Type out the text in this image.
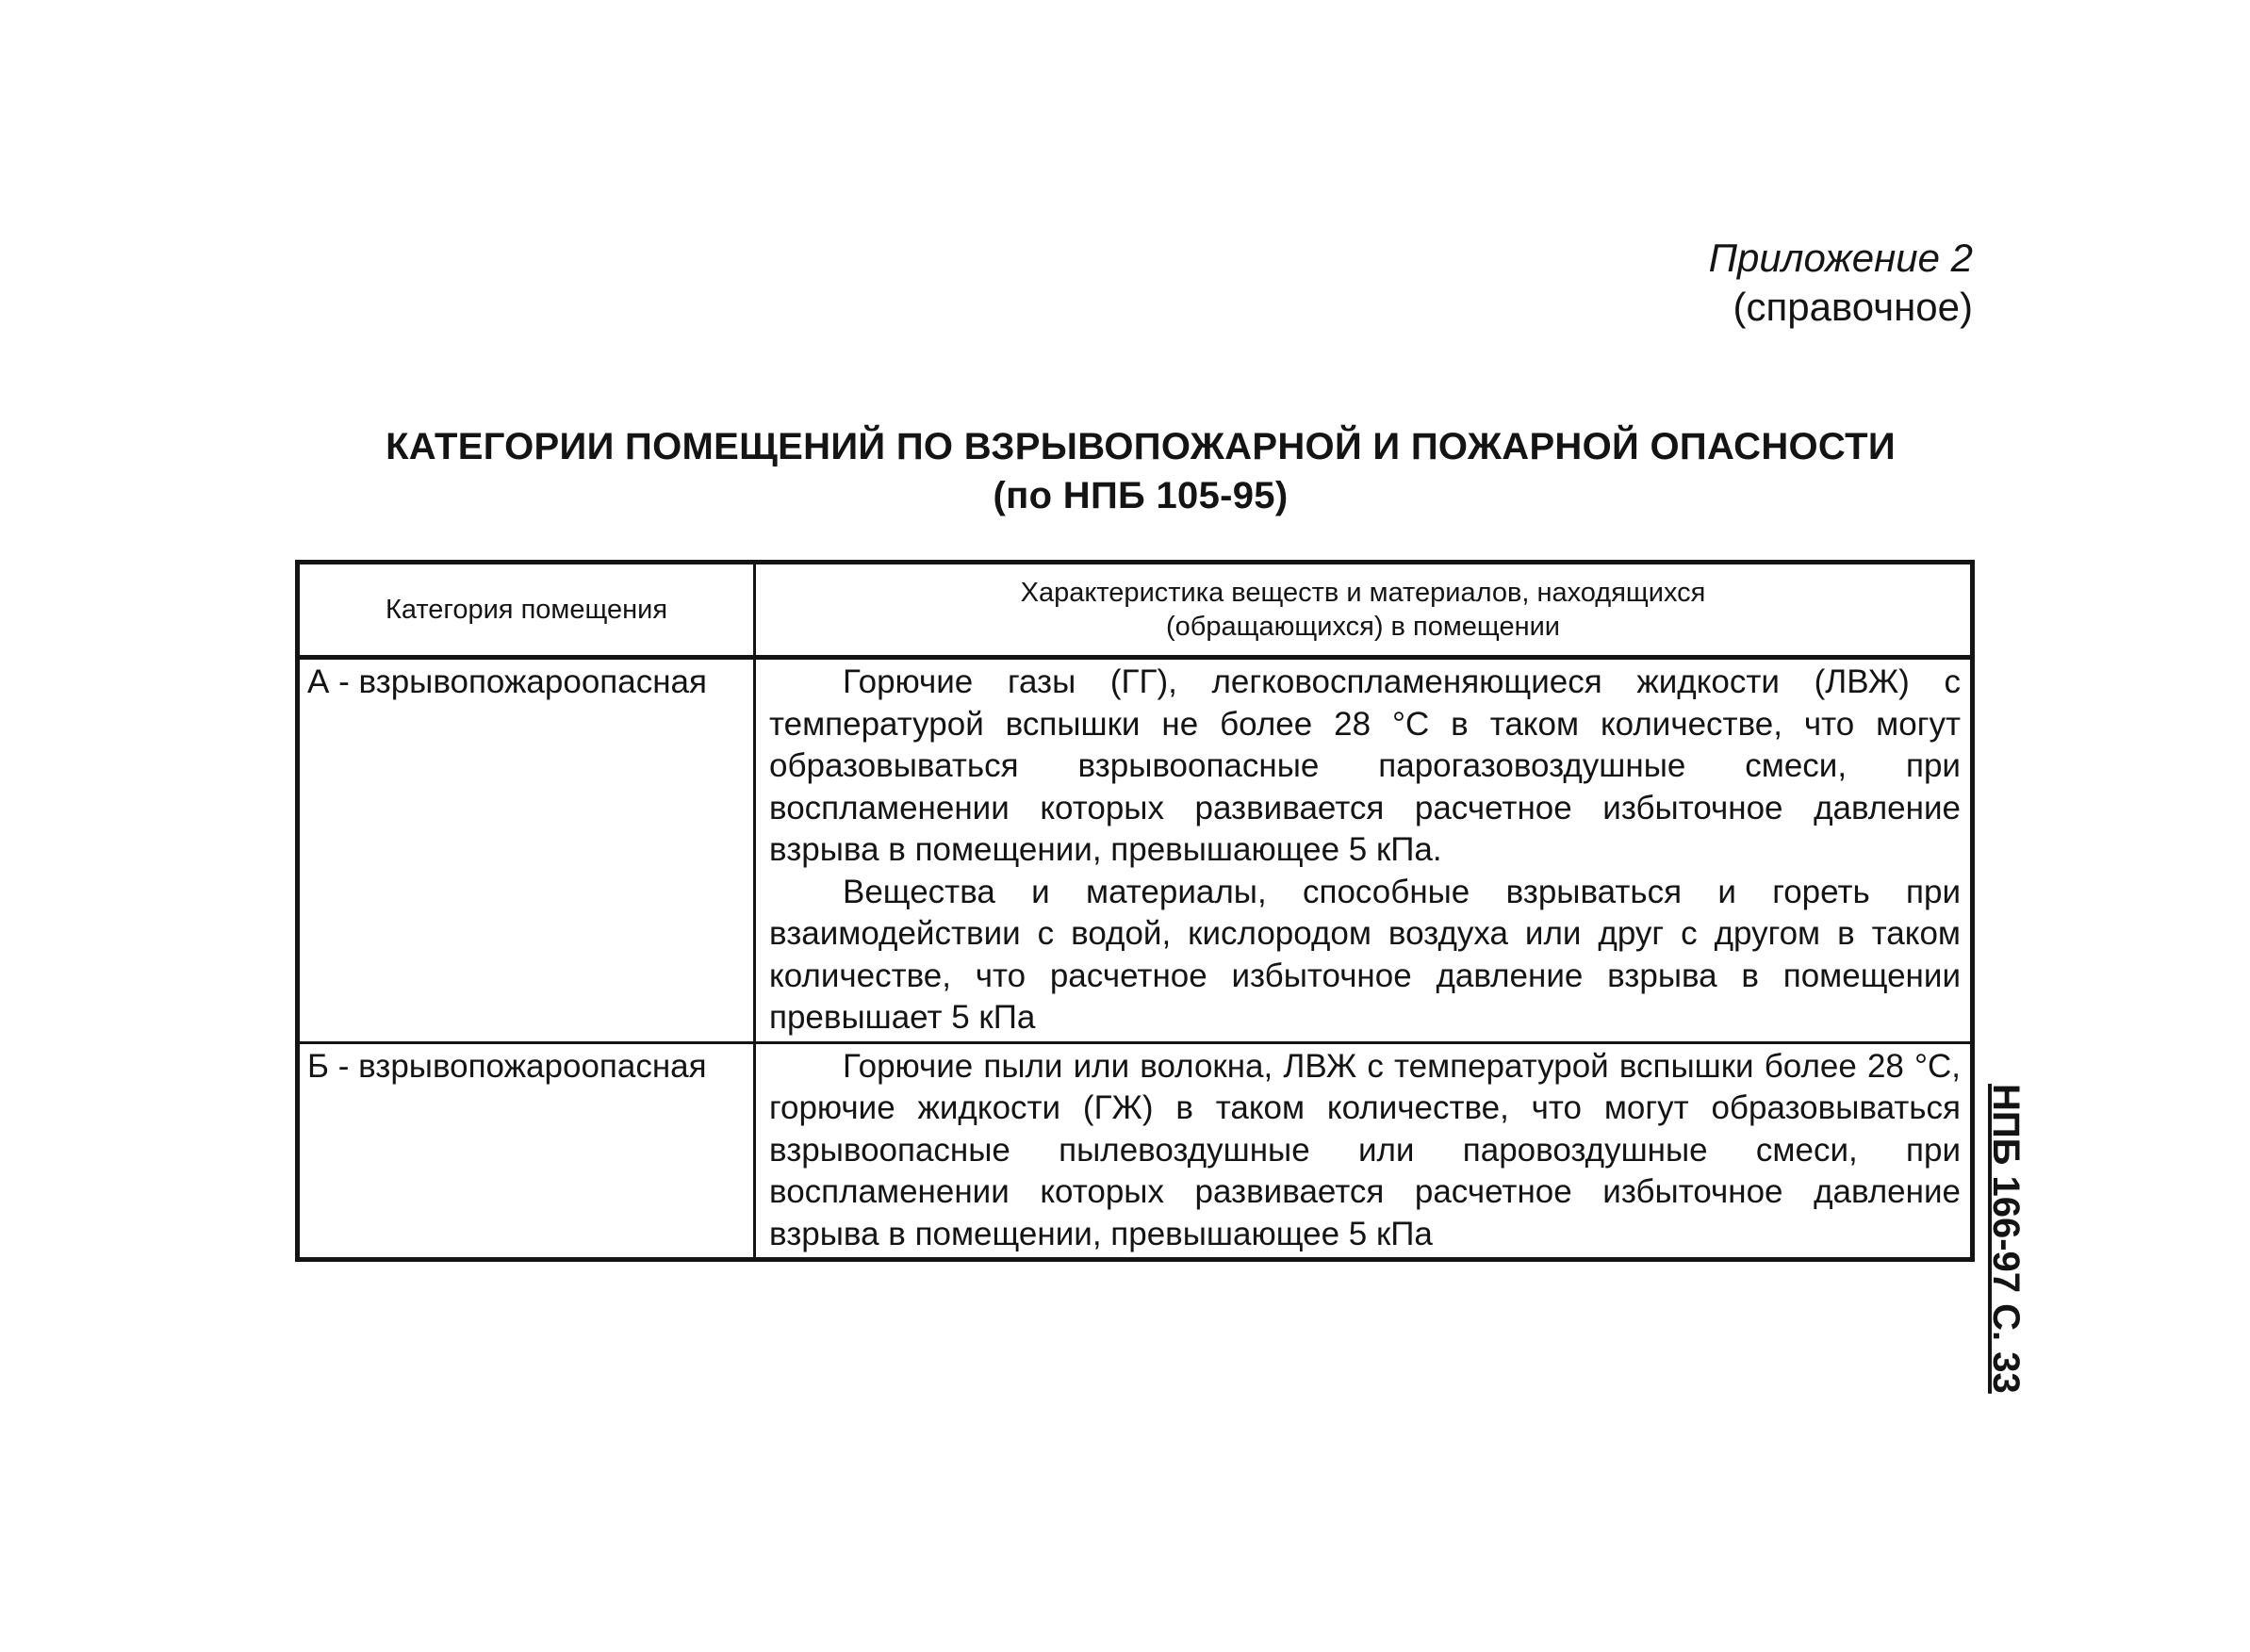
Приложение 2
(справочное)
КАТЕГОРИИ ПОМЕЩЕНИЙ ПО ВЗРЫВОПОЖАРНОЙ И ПОЖАРНОЙ ОПАСНОСТИ
(по НПБ 105-95)
Категория помещения	Характеристика веществ и материалов, находящихся
(обращающихся) в помещении
А - взрывопожароопасная	Горючие газы (ГГ), легковоспламеняющиеся жидкости (ЛВЖ) с температурой вспышки не более 28 °С в таком количестве, что могут образовываться взрывоопасные парогазовоздушные смеси, при воспламенении которых развивается расчетное избыточное давление взрыва в помещении, превышающее 5 кПа.

Вещества и материалы, способные взрываться и гореть при взаимодействии с водой, кислородом воздуха или друг с другом в таком количестве, что расчетное избыточное давление взрыва в помещении превышает 5 кПа

Б - взрывопожароопасная	Горючие пыли или волокна, ЛВЖ с температурой вспышки более 28 °С, горючие жидкости (ГЖ) в таком количестве, что могут образовываться взрывоопасные пылевоздушные или паровоздушные смеси, при воспламенении которых развивается расчетное избыточное давление взрыва в помещении, превышающее 5 кПа	НПБ 166-97 С. 33
